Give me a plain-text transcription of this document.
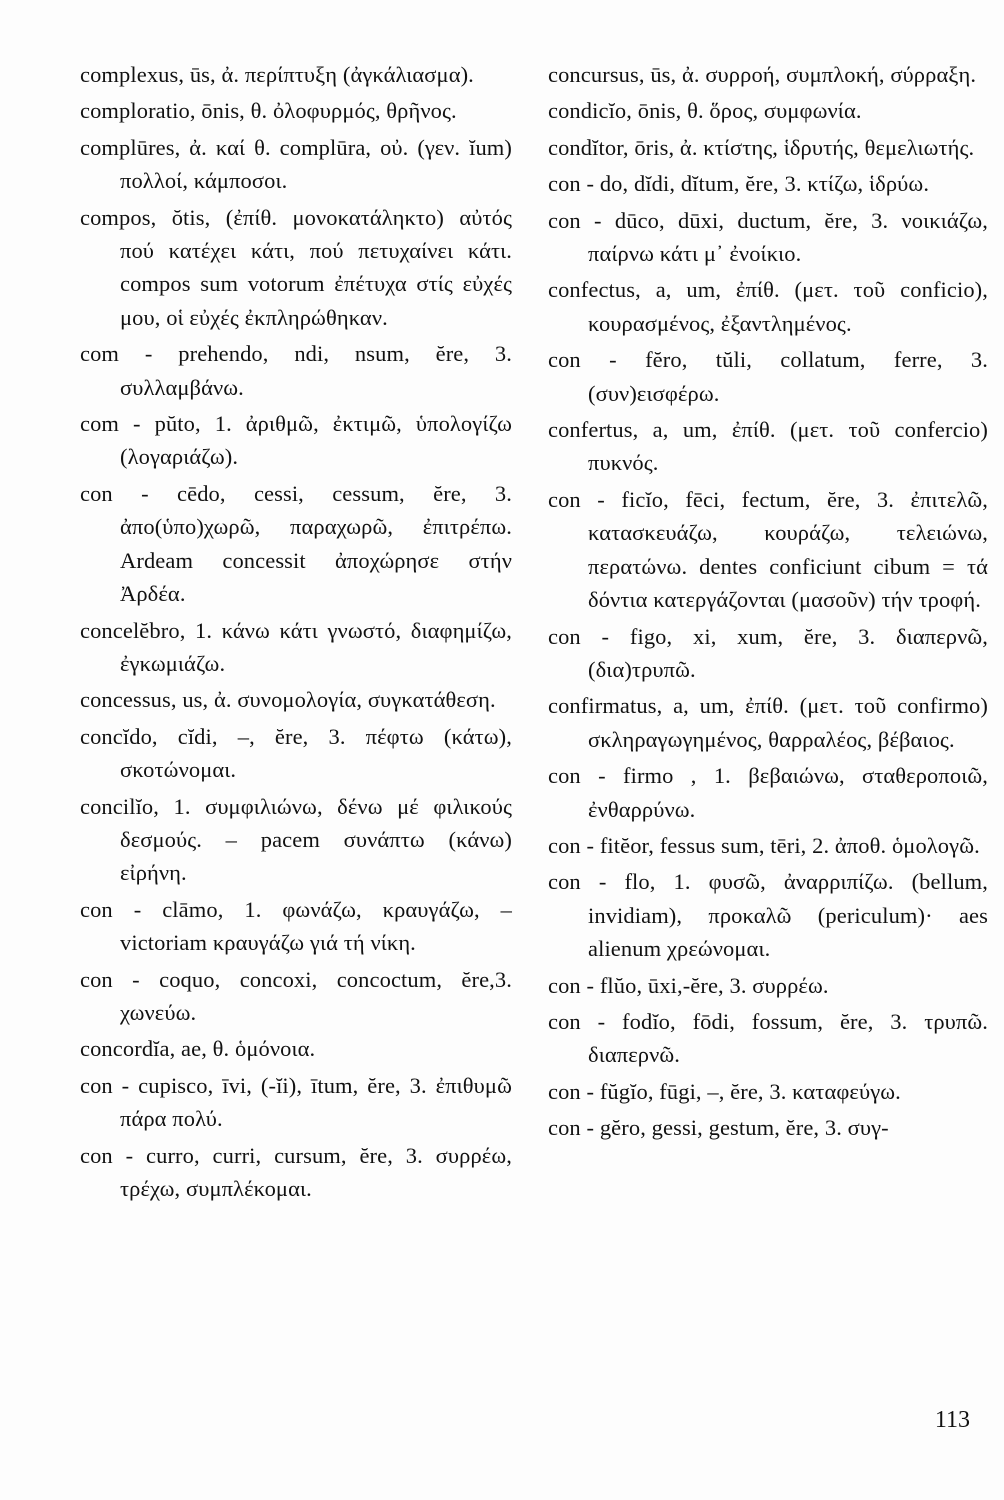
complexus, ūs, ἀ. περίπτυξη (ἀγκάλιασμα).

comploratio, ōnis, θ. ὀλοφυρμός, θρῆνος.

complūres, ἀ. καί θ. complūra, οὐ. (γεν. ĭum) πολλοί, κάμποσοι.

compos, ŏtis, (ἐπίθ. μονοκατάληκτο) αὐτός πού κατέχει κάτι, πού πετυχαίνει κάτι. compos sum votorum ἐπέτυχα στίς εὐχές μου, οἱ εὐχές ἐκπληρώθηκαν.

com - prehendo, ndi, nsum, ĕre, 3. συλλαμβάνω.

com - pŭto, 1. ἀριθμῶ, ἐκτιμῶ, ὑπολογίζω (λογαριάζω).

con - cēdo, cessi, cessum, ĕre, 3. ἀπο(ὑπο)χωρῶ, παραχωρῶ, ἐπιτρέπω. Ardeam concessit ἀποχώρησε στήν Ἀρδέα.

concelĕbro, 1. κάνω κάτι γνωστό, διαφημίζω, ἐγκωμιάζω.

concessus, us, ἀ. συνομολογία, συγκατάθεση.

concĭdo, cĭdi, –, ĕre, 3. πέφτω (κάτω), σκοτώνομαι.

concilĭo, 1. συμφιλιώνω, δένω μέ φιλικούς δεσμούς. – pacem συνάπτω (κάνω) εἰρήνη.

con - clāmo, 1. φωνάζω, κραυγάζω, – victoriam κραυγάζω γιά τή νίκη.

con - coquo, concoxi, concoctum, ĕre,3. χωνεύω.

concordĭa, ae, θ. ὁμόνοια.

con - cupisco, īvi, (-ĭi), ītum, ĕre, 3. ἐπιθυμῶ πάρα πολύ.

con - curro, curri, cursum, ĕre, 3. συρρέω, τρέχω, συμπλέκομαι.

concursus, ūs, ἀ. συρροή, συμπλοκή, σύρραξη.

condicĭo, ōnis, θ. ὅρος, συμφωνία.

condĭtor, ōris, ἀ. κτίστης, ἱδρυτής, θεμελιωτής.

con - do, dĭdi, dĭtum, ĕre, 3. κτίζω, ἱδρύω.

con - dūco, dūxi, ductum, ĕre, 3. νοικιάζω, παίρνω κάτι μ᾽ ἐνοίκιο.

confectus, a, um, ἐπίθ. (μετ. τοῦ conficio), κουρασμένος, ἐξαντλημένος.

con - fĕro, tŭli, collatum, ferre, 3. (συν)εισφέρω.

confertus, a, um, ἐπίθ. (μετ. τοῦ confercio) πυκνός.

con - ficĭo, fēci, fectum, ĕre, 3. ἐπιτελῶ, κατασκευάζω, κουράζω, τελειώνω, περατώνω. dentes conficiunt cibum = τά δόντια κατεργάζονται (μασοῦν) τήν τροφή.

con - figo, xi, xum, ĕre, 3. διαπερνῶ, (δια)τρυπῶ.

confirmatus, a, um, ἐπίθ. (μετ. τοῦ confirmo) σκληραγωγημένος, θαρραλέος, βέβαιος.

con - firmo , 1. βεβαιώνω, σταθεροποιῶ, ἐνθαρρύνω.

con - fitĕor, fessus sum, tēri, 2. ἀποθ. ὁμολογῶ.

con - flo, 1. φυσῶ, ἀναρριπίζω. (bellum, invidiam), προκαλῶ (periculum)· aes alienum χρεώνομαι.

con - flŭo, ūxi,-ĕre, 3. συρρέω.

con - fodĭo, fōdi, fossum, ĕre, 3. τρυπῶ. διαπερνῶ.

con - fŭgĭo, fūgi, –, ĕre, 3. καταφεύγω.

con - gĕro, gessi, gestum, ĕre, 3. συγ-

113
